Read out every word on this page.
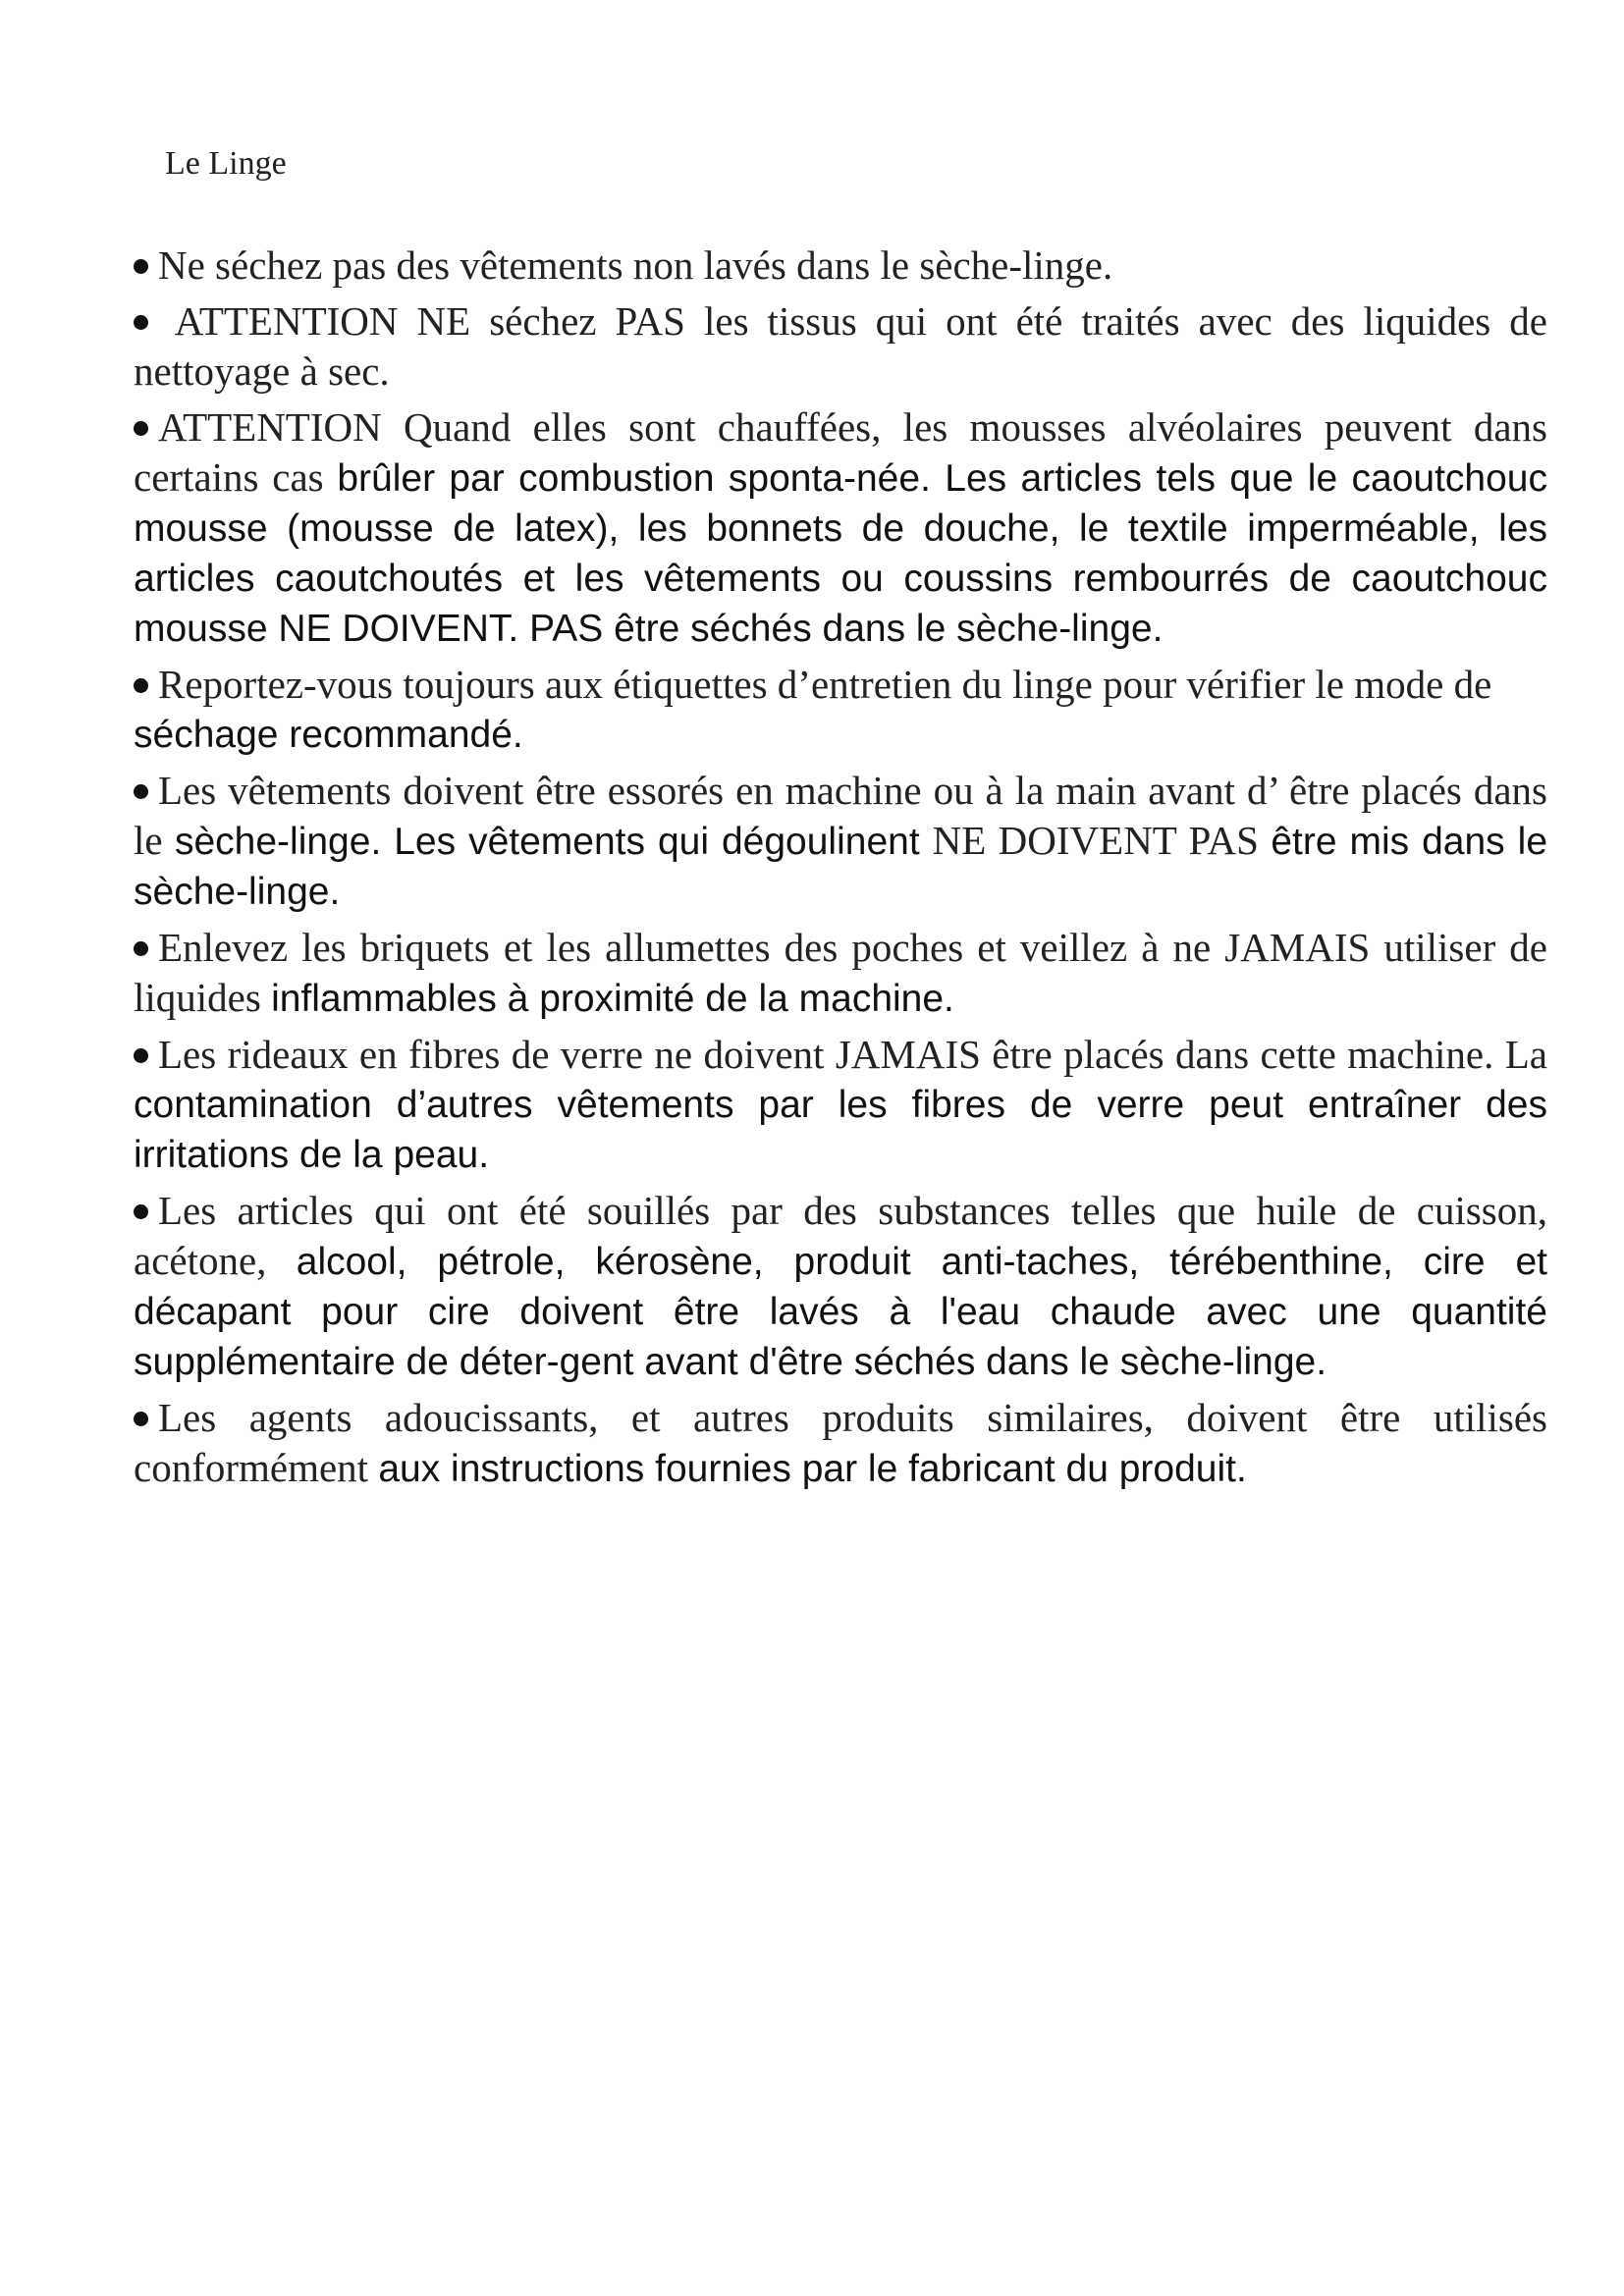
Le Linge
Ne séchez pas des vêtements non lavés dans le sèche-linge.
ATTENTION NE séchez PAS les tissus qui ont été traités avec des liquides de nettoyage à sec.
ATTENTION Quand elles sont chauffées, les mousses alvéolaires peuvent dans certains cas brûler par combustion sponta-née. Les articles tels que le caoutchouc mousse (mousse de latex), les bonnets de douche, le textile imperméable, les articles caoutchoutés et les vêtements ou coussins rembourrés de caoutchouc mousse NE DOIVENT. PAS être séchés dans le sèche-linge.
Reportez-vous toujours aux étiquettes d’entretien du linge pour vérifier le mode de séchage recommandé.
Les vêtements doivent être essorés en machine ou à la main avant d’ être placés dans le sèche-linge. Les vêtements qui dégoulinent NE DOIVENT PAS être mis dans le sèche-linge.
Enlevez les briquets et les allumettes des poches et veillez à ne JAMAIS utiliser de liquides inflammables à proximité de la machine.
Les rideaux en fibres de verre ne doivent JAMAIS être placés dans cette machine. La contamination d’autres vêtements par les fibres de verre peut entraîner des irritations de la peau.
Les articles qui ont été souillés par des substances telles que huile de cuisson, acétone, alcool, pétrole, kérosène, produit anti-taches, térébenthine, cire et décapant pour cire doivent être lavés à l'eau chaude avec une quantité supplémentaire de déter-gent avant d'être séchés dans le sèche-linge.
Les agents adoucissants, et autres produits similaires, doivent être utilisés conformément aux instructions fournies par le fabricant du produit.
